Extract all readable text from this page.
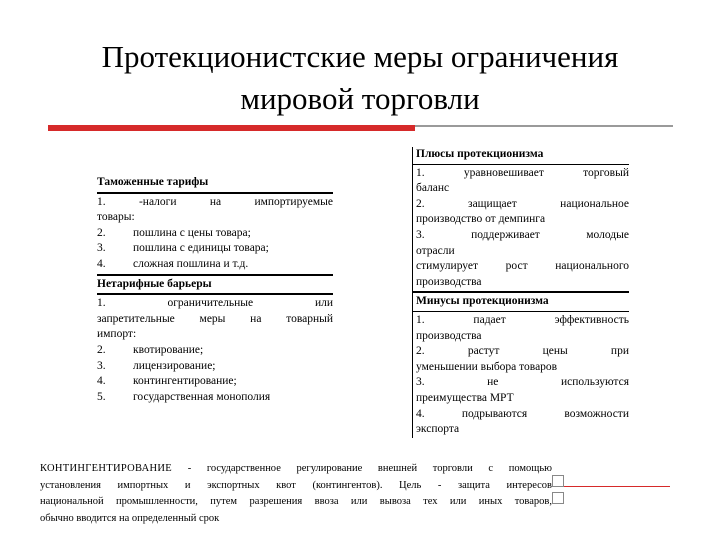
Протекционистские меры ограничения
мировой торговли
Таможенные тарифы
1. -налоги на импортируемые
товары:
2.	пошлина с цены товара;
3.	пошлина с единицы товара;
4.	сложная пошлина и т.д.
Нетарифные барьеры
1. ограничительные или
запретительные меры на товарный
импорт:
2.	квотирование;
3.	лицензирование;
4.	контингентирование;
5.	государственная монополия
Плюсы протекционизма
1. уравновешивает торговый
баланс
2. защищает национальное
производство от демпинга
3. поддерживает молодые
отрасли
стимулирует рост национального
производства
Минусы протекционизма
1. падает эффективность
производства
2. растут цены при
уменьшении выбора товаров
3. не используются
преимущества МРТ
4. подрываются возможности
экспорта
КОНТИНГЕНТИРОВАНИЕ - государственное регулирование внешней торговли с помощью
установления импортных и экспортных квот (контингентов). Цель - защита интересов
национальной промышленности, путем разрешения ввоза или вывоза тех или иных товаров,
обычно вводится на определенный срок
